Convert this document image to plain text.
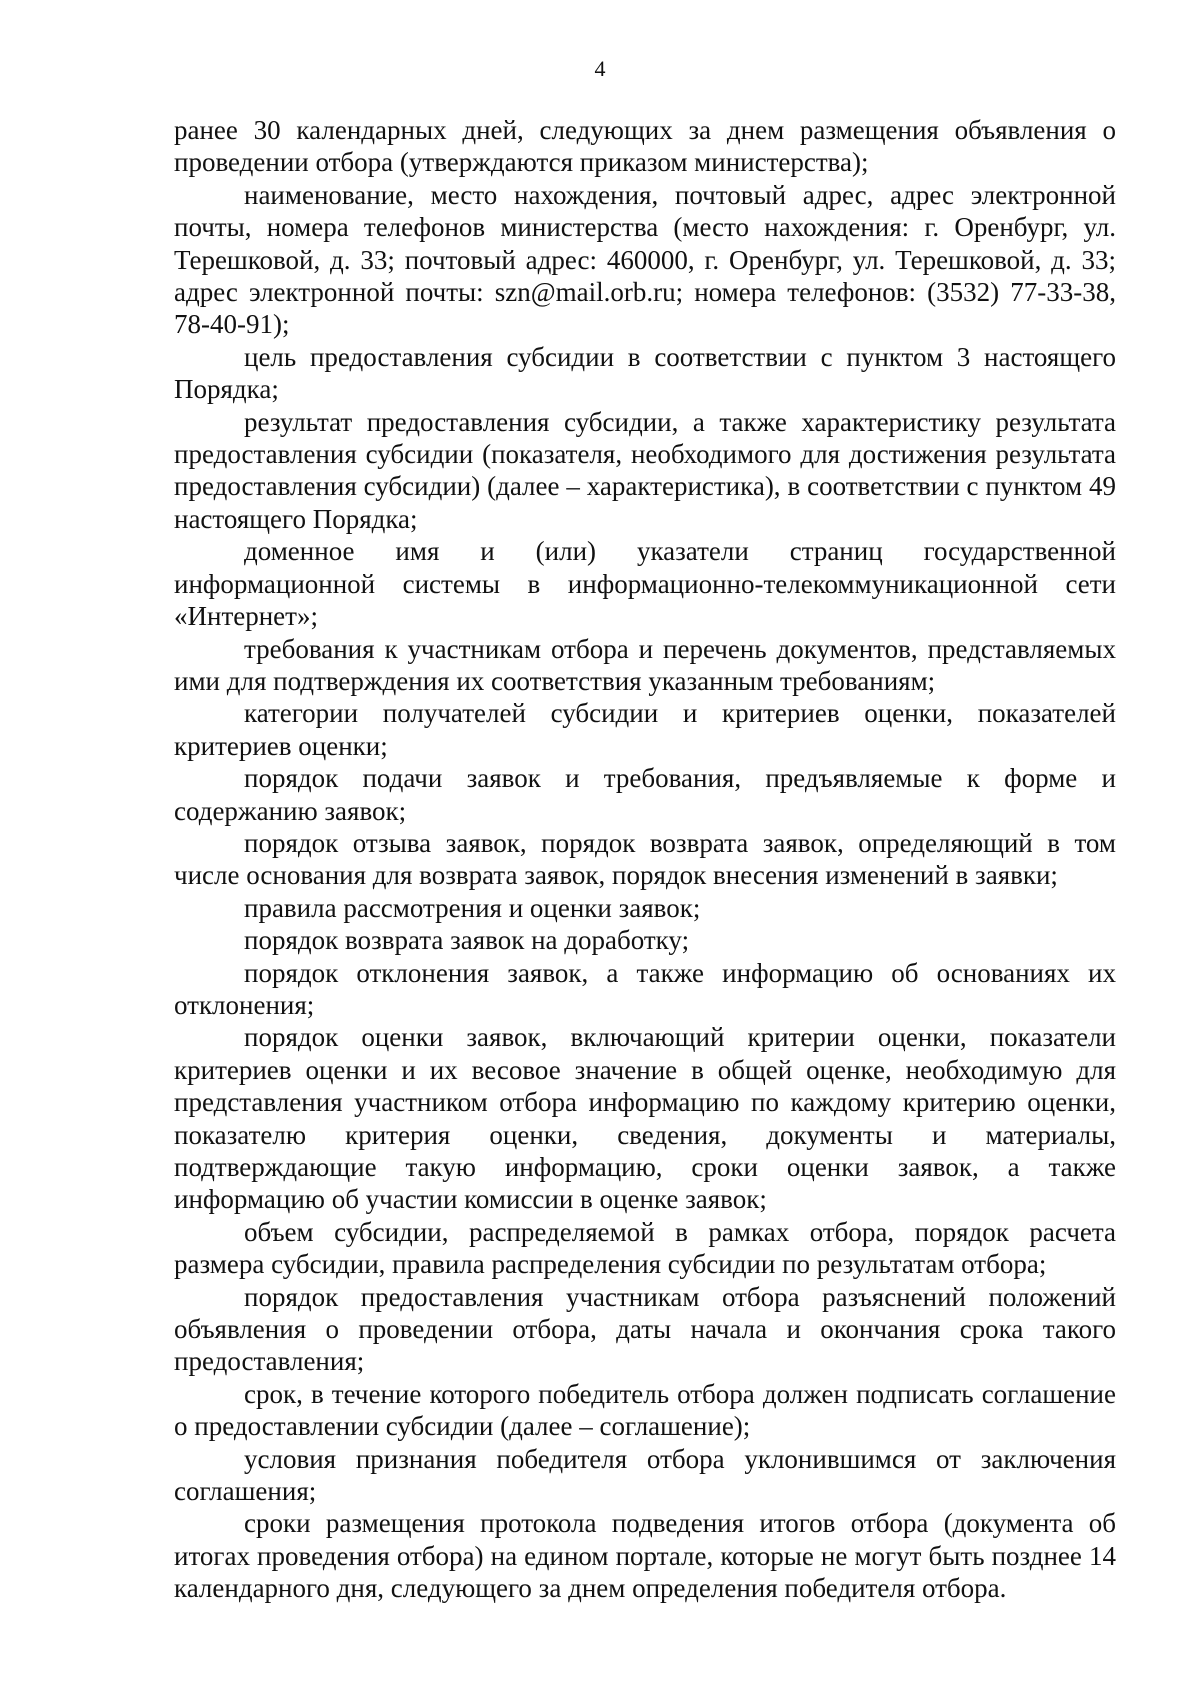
4

ранее 30 календарных дней, следующих за днем размещения объявления о проведении отбора (утверждаются приказом министерства);

наименование, место нахождения, почтовый адрес, адрес электронной почты, номера телефонов министерства (место нахождения: г. Оренбург, ул. Терешковой, д. 33; почтовый адрес: 460000, г. Оренбург, ул. Терешковой, д. 33; адрес электронной почты: szn@mail.orb.ru; номера телефонов: (3532) 77-33-38, 78-40-91);

цель предоставления субсидии в соответствии с пунктом 3 настоящего Порядка;

результат предоставления субсидии, а также характеристику результата предоставления субсидии (показателя, необходимого для достижения результата предоставления субсидии) (далее – характеристика), в соответствии с пунктом 49 настоящего Порядка;

доменное имя и (или) указатели страниц государственной информационной системы в информационно-телекоммуникационной сети «Интернет»;

требования к участникам отбора и перечень документов, представляемых ими для подтверждения их соответствия указанным требованиям;

категории получателей субсидии и критериев оценки, показателей критериев оценки;

порядок подачи заявок и требования, предъявляемые к форме и содержанию заявок;

порядок отзыва заявок, порядок возврата заявок, определяющий в том числе основания для возврата заявок, порядок внесения изменений в заявки;

правила рассмотрения и оценки заявок;

порядок возврата заявок на доработку;

порядок отклонения заявок, а также информацию об основаниях их отклонения;

порядок оценки заявок, включающий критерии оценки, показатели критериев оценки и их весовое значение в общей оценке, необходимую для представления участником отбора информацию по каждому критерию оценки, показателю критерия оценки, сведения, документы и материалы, подтверждающие такую информацию, сроки оценки заявок, а также информацию об участии комиссии в оценке заявок;

объем субсидии, распределяемой в рамках отбора, порядок расчета размера субсидии, правила распределения субсидии по результатам отбора;

порядок предоставления участникам отбора разъяснений положений объявления о проведении отбора, даты начала и окончания срока такого предоставления;

срок, в течение которого победитель отбора должен подписать соглашение о предоставлении субсидии (далее – соглашение);

условия признания победителя отбора уклонившимся от заключения соглашения;

сроки размещения протокола подведения итогов отбора (документа об итогах проведения отбора) на едином портале, которые не могут быть позднее 14 календарного дня, следующего за днем определения победителя отбора.
